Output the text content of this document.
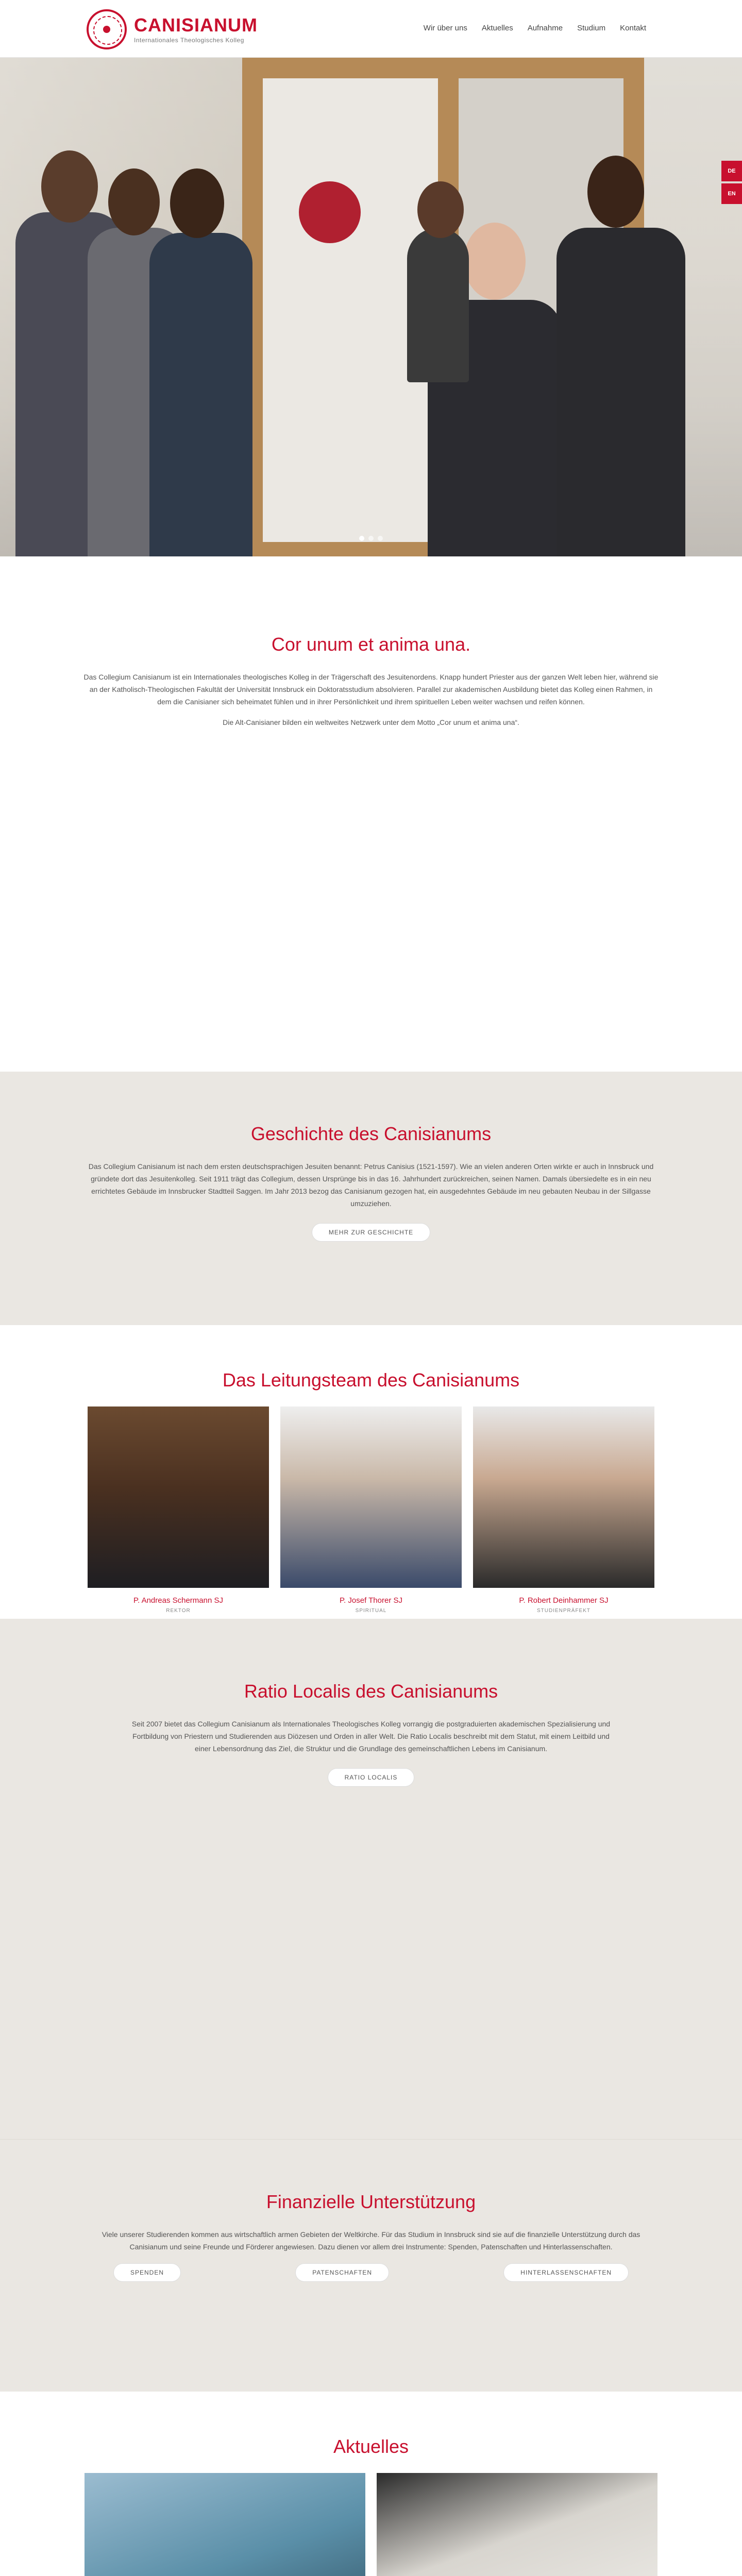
CANISIANUM
Internationales Theologisches Kolleg
Wir über uns Aktuelles Aufnahme Studium Kontakt
DE
EN
Cor unum et anima una.

Das Collegium Canisianum ist ein Internationales theologisches Kolleg in der Trägerschaft des Jesuitenordens. Knapp hundert Priester aus der ganzen Welt leben hier, während sie an der Katholisch-Theologischen Fakultät der Universität Innsbruck ein Doktoratsstudium absolvieren. Parallel zur akademischen Ausbildung bietet das Kolleg einen Rahmen, in dem die Canisianer sich beheimatet fühlen und in ihrer Persönlichkeit und ihrem spirituellen Leben weiter wachsen und reifen können.

Die Alt-Canisianer bilden ein weltweites Netzwerk unter dem Motto „Cor unum et anima una“.

Geschichte des Canisianums

Das Collegium Canisianum ist nach dem ersten deutschsprachigen Jesuiten benannt: Petrus Canisius (1521-1597). Wie an vielen anderen Orten wirkte er auch in Innsbruck und gründete dort das Jesuitenkolleg. Seit 1911 trägt das Collegium, dessen Ursprünge bis in das 16. Jahrhundert zurückreichen, seinen Namen. Damals übersiedelte es in ein neu errichtetes Gebäude im Innsbrucker Stadtteil Saggen. Im Jahr 2013 bezog das Canisianum gezogen hat, ein ausgedehntes Gebäude im neu gebauten Neubau in der Sillgasse umzuziehen.

MEHR ZUR GESCHICHTE
Das Leitungsteam des Canisianums
P. Andreas Schermann SJ
REKTOR
P. Josef Thorer SJ
SPIRITUAL
P. Robert Deinhammer SJ
STUDIENPRÄFEKT
Ratio Localis des Canisianums

Seit 2007 bietet das Collegium Canisianum als Internationales Theologisches Kolleg vorrangig die postgraduierten akademischen Spezialisierung und Fortbildung von Priestern und Studierenden aus Diözesen und Orden in aller Welt. Die Ratio Localis beschreibt mit dem Statut, mit einem Leitbild und einer Lebensordnung das Ziel, die Struktur und die Grundlage des gemeinschaftlichen Lebens im Canisianum.

RATIO LOCALIS
Finanzielle Unterstützung

Viele unserer Studierenden kommen aus wirtschaftlich armen Gebieten der Weltkirche. Für das Studium in Innsbruck sind sie auf die finanzielle Unterstützung durch das Canisianum und seine Freunde und Förderer angewiesen. Dazu dienen vor allem drei Instrumente: Spenden, Patenschaften und Hinterlassenschaften.

SPENDEN	PATENSCHAFTEN	HINTERLASSENSCHAFTEN
Aktuelles
